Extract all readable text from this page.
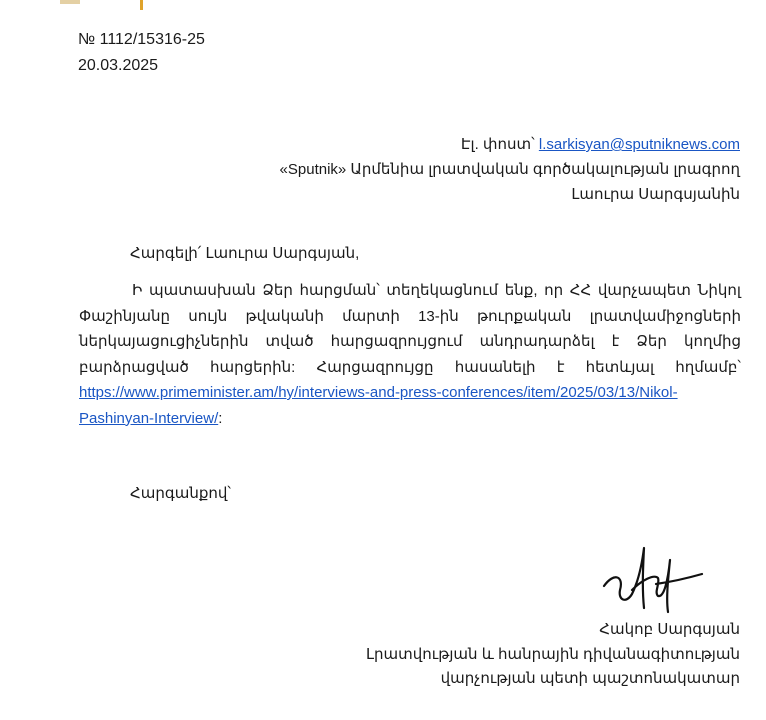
№ 1112/15316-25
20.03.2025
Էլ. փոստ՝ l.sarkisyan@sputniknews.com
«Sputnik» Արմենիա լրատվական գործակալության լրագրող
Լաուրա Սարգսյանին
Հարգելի՛ Լաուրա Սարգսյան,
Ի պատասխան Ձեր հարցման՝ տեղեկացնում ենք, որ ՀՀ վարչապետ Նիկոլ Փաշինյանը սույն թվականի մարտի 13-ին թուրքական լրատվամիջոցների ներկայացուցիչներին տված հարցազրույցում անդրադարձել է Ձեր կողմից բարձրացված հարցերին: Հարցազրույցը հասանելի է հետևյալ հղմամբ՝ https://www.primeminister.am/hy/interviews-and-press-conferences/item/2025/03/13/Nikol-Pashinyan-Interview/:
Հարգանքով՝
Հակոբ Սարգսյան
Լրատվության և հանրային դիվանագիտության
վարչության պետի պաշտոնակատար
